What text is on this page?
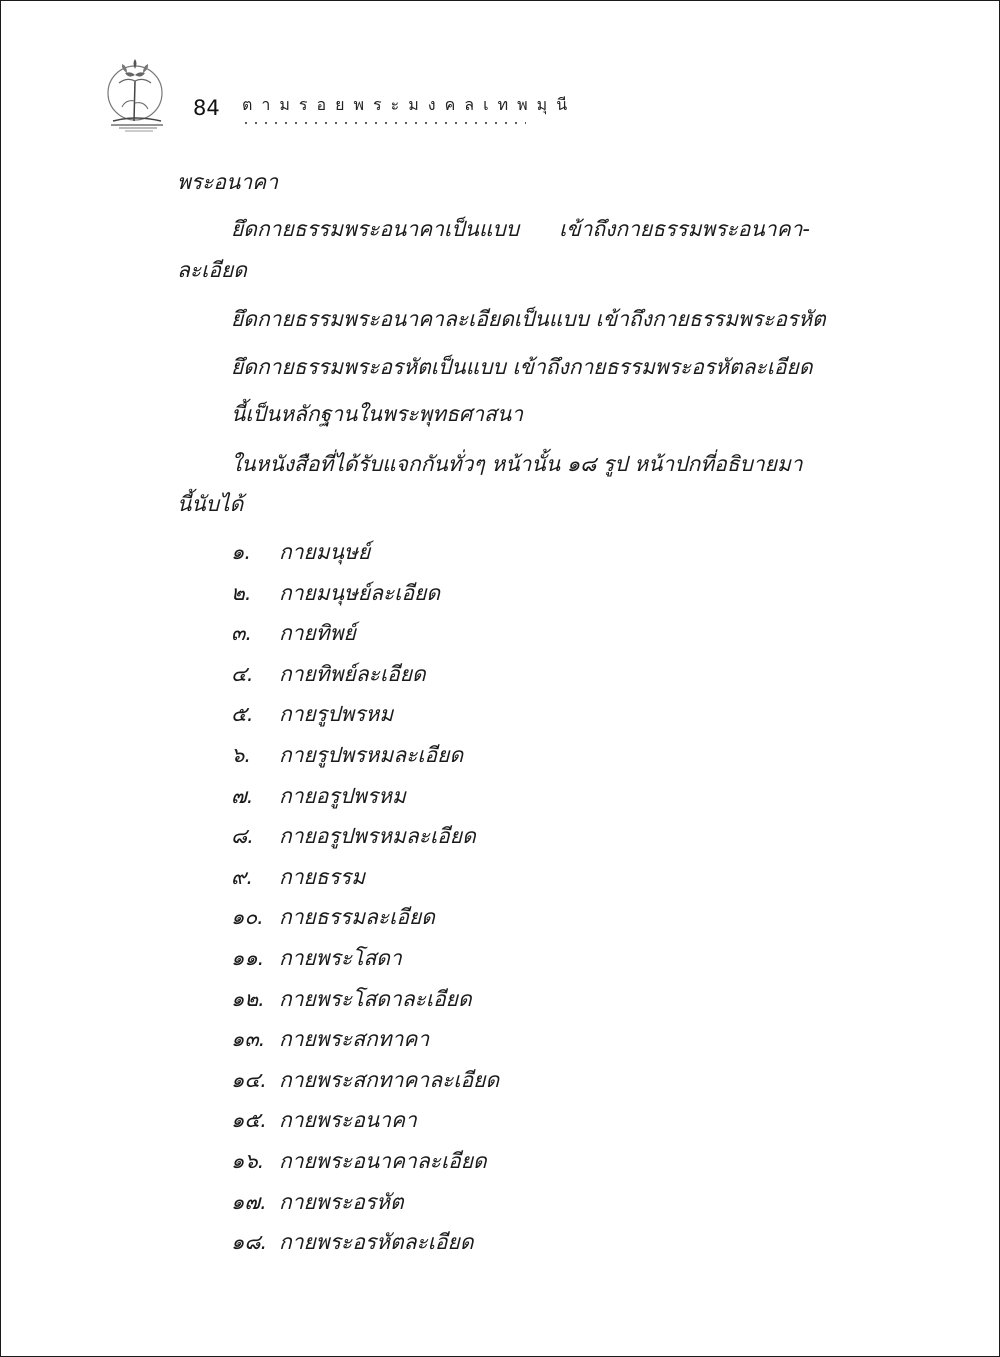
84 ตามรอยพระมงคลเทพมุนี
พระอนาคา
ยึดกายธรรมพระอนาคาเป็นแบบ      เข้าถึงกายธรรมพระอนาคา-
ละเอียด
ยึดกายธรรมพระอนาคาละเอียดเป็นแบบ เข้าถึงกายธรรมพระอรหัต
ยึดกายธรรมพระอรหัตเป็นแบบ เข้าถึงกายธรรมพระอรหัตละเอียด
นี้เป็นหลักฐานในพระพุทธศาสนา
ในหนังสือที่ได้รับแจกกันทั่วๆ หน้านั้น ๑๘ รูป หน้าปกที่อธิบายมา
นี้นับได้
๑.	กายมนุษย์
๒.	กายมนุษย์ละเอียด
๓.	กายทิพย์
๔.	กายทิพย์ละเอียด
๕.	กายรูปพรหม
๖.	กายรูปพรหมละเอียด
๗.	กายอรูปพรหม
๘.	กายอรูปพรหมละเอียด
๙.	กายธรรม
๑๐. กายธรรมละเอียด
๑๑. กายพระโสดา
๑๒. กายพระโสดาละเอียด
๑๓. กายพระสกทาคา
๑๔. กายพระสกทาคาละเอียด
๑๕. กายพระอนาคา
๑๖. กายพระอนาคาละเอียด
๑๗. กายพระอรหัต
๑๘. กายพระอรหัตละเอียด
